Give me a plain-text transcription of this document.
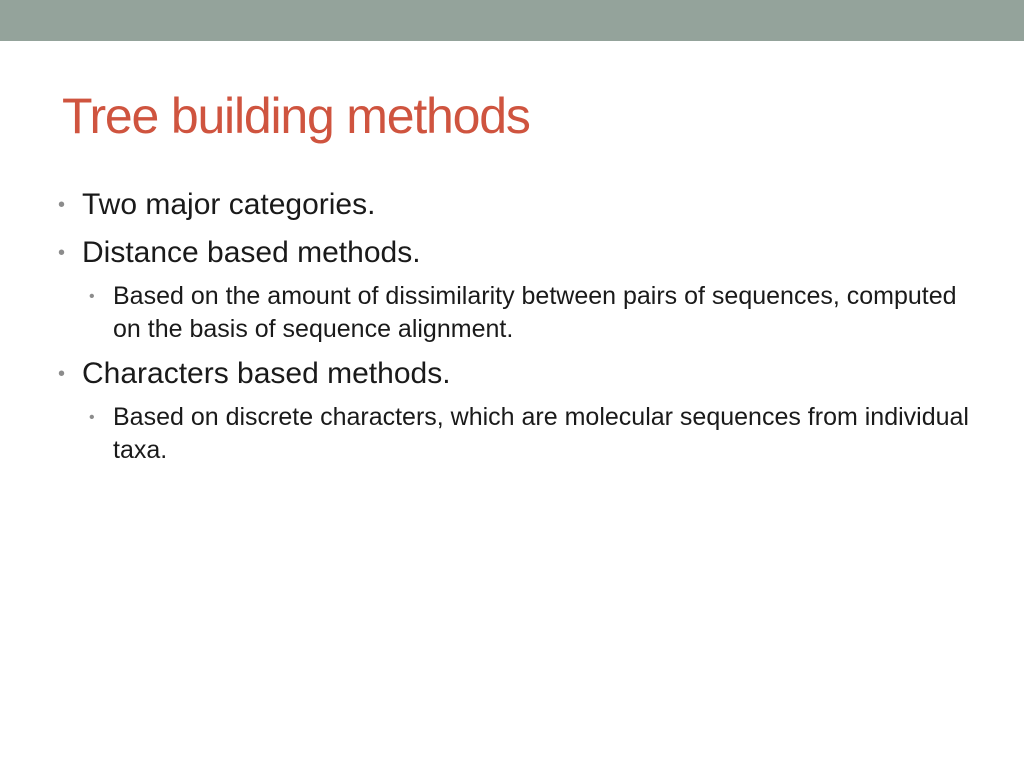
Tree building methods
• Two major categories.
• Distance based methods.
• Based on the amount of dissimilarity between pairs of sequences, computed on the basis of sequence alignment.
• Characters based methods.
• Based on discrete characters, which are molecular sequences from individual taxa.
